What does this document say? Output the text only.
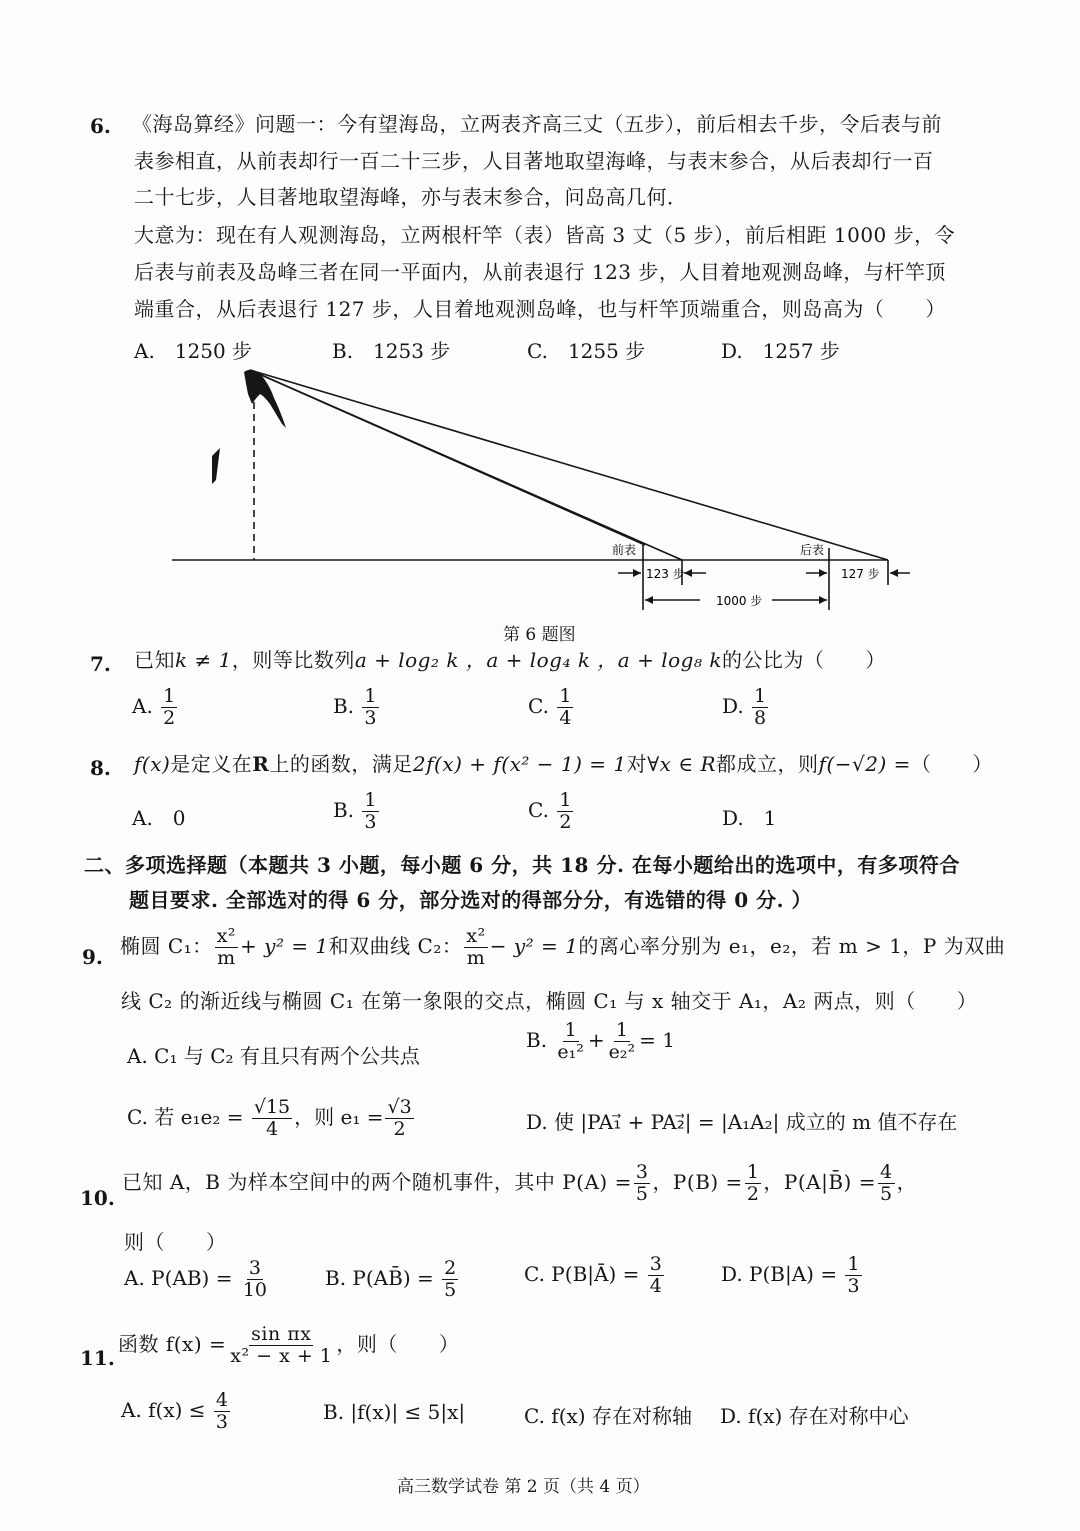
6. 《海岛算经》问题一：今有望海岛，立两表齐高三丈（五步），前后相去千步，令后表与前
表参相直，从前表却行一百二十三步，人目著地取望海峰，与表末参合，从后表却行一百
二十七步，人目著地取望海峰，亦与表末参合，问岛高几何．
大意为：现在有人观测海岛，立两根杆竿（表）皆高 3 丈（5 步），前后相距 1000 步，令
后表与前表及岛峰三者在同一平面内，从前表退行 123 步，人目着地观测岛峰，与杆竿顶
端重合，从后表退行 127 步，人目着地观测岛峰，也与杆竿顶端重合，则岛高为（　　）
A.　1250 步	B.　1253 步	C.　1255 步	D.　1257 步
前表	后表
123 步
1000 步
127 步
第 6 题图
7. 已知k ≠ 1，则等比数列a + log₂ k ，a + log₄ k ，a + log₈ k的公比为（　　）
A. $\frac{1}{2}$	B. $\frac{1}{3}$	C. $\frac{1}{4}$	D. $\frac{1}{8}$
8. f(x)是定义在R上的函数，满足2f(x) + f(x² − 1) = 1对∀x ∈ R都成立，则f(−√2) =（　　）
A.　0	B. $\frac{1}{3}$	C. $\frac{1}{2}$	D.　1
二、多项选择题（本题共 3 小题，每小题 6 分，共 18 分. 在每小题给出的选项中，有多项符合
题目要求. 全部选对的得 6 分，部分选对的得部分分，有选错的得 0 分. ）
9. 椭圆 C₁： $\frac{\text{x²}}{m} + y^2 = 1$和双曲线 C₂： $\frac{\text{x²}}{m} - y^2 = 1$的离心率分别为 e₁，e₂，若 m > 1，P 为双曲
线 C₂ 的渐近线与椭圆 C₁ 在第一象限的交点，椭圆 C₁ 与 x 轴交于 A₁，A₂ 两点，则（　　）
A. C₁ 与 C₂ 有且只有两个公共点
B. $\frac{1}{\text{e₁²}} + \frac{1}{\text{e₂²}} = 1$
C. 若 $e_1e_2 = \frac{√15}{4}$ ，则 $e_1 = \frac{√3}{2}$	D. 使 |PA₁⃗ + PA₂⃗| = |A₁A₂| 成立的 m 值不存在
10.
已知 A，B 为样本空间中的两个随机事件，其中 $P(A) = \frac{3}{5}$ ，$P(B) = \frac{1}{2}$ ，P(A|B̄) = $\frac{4}{5}$ ，
则（　　）
A. $P(AB) = \frac{3}{10}$	B. P(AB̄) = $\frac{2}{5}$	C. P(B|Ā) = $\frac{3}{4}$	D. $P(B|A) = \frac{1}{3}$
11.
函数 $f(x) = \frac{\text{sin πx}}{\text{x² − x + 1}}$ ，则（　　）
A. $f(x) \le \frac{4}{3}$	B. |f(x)| ≤ 5|x|	C. f(x) 存在对称轴 D. f(x) 存在对称中心
高三数学试卷 第 2 页（共 4 页）
